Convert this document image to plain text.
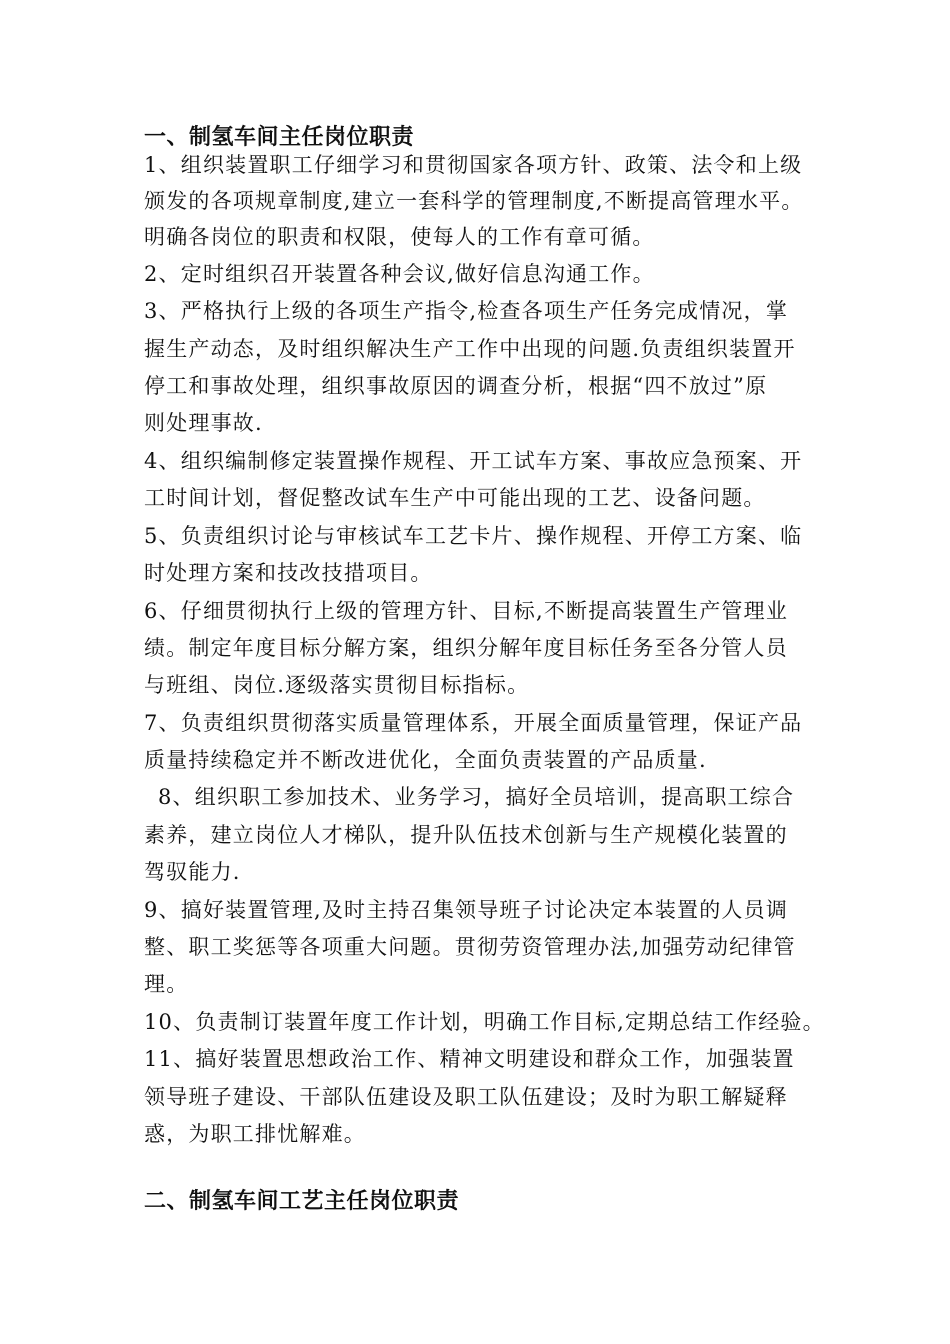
一、制氢车间主任岗位职责
1、组织装置职工仔细学习和贯彻国家各项方针、政策、法令和上级
颁发的各项规章制度,建立一套科学的管理制度,不断提高管理水平。
明确各岗位的职责和权限，使每人的工作有章可循。
2、定时组织召开装置各种会议,做好信息沟通工作。
3、严格执行上级的各项生产指令,检查各项生产任务完成情况，掌
握生产动态，及时组织解决生产工作中出现的问题.负责组织装置开
停工和事故处理，组织事故原因的调查分析，根据“四不放过”原
则处理事故.
4、组织编制修定装置操作规程、开工试车方案、事故应急预案、开
工时间计划，督促整改试车生产中可能出现的工艺、设备问题。
5、负责组织讨论与审核试车工艺卡片、操作规程、开停工方案、临
时处理方案和技改技措项目。
6、仔细贯彻执行上级的管理方针、目标,不断提高装置生产管理业
绩。制定年度目标分解方案，组织分解年度目标任务至各分管人员
与班组、岗位.逐级落实贯彻目标指标。
7、负责组织贯彻落实质量管理体系，开展全面质量管理，保证产品
质量持续稳定并不断改进优化，全面负责装置的产品质量.
8、组织职工参加技术、业务学习，搞好全员培训，提高职工综合
素养，建立岗位人才梯队，提升队伍技术创新与生产规模化装置的
驾驭能力.
9、搞好装置管理,及时主持召集领导班子讨论决定本装置的人员调
整、职工奖惩等各项重大问题。贯彻劳资管理办法,加强劳动纪律管
理。
10、负责制订装置年度工作计划，明确工作目标,定期总结工作经验。
11、搞好装置思想政治工作、精神文明建设和群众工作，加强装置
领导班子建设、干部队伍建设及职工队伍建设；及时为职工解疑释
惑，为职工排忧解难。
二、制氢车间工艺主任岗位职责
